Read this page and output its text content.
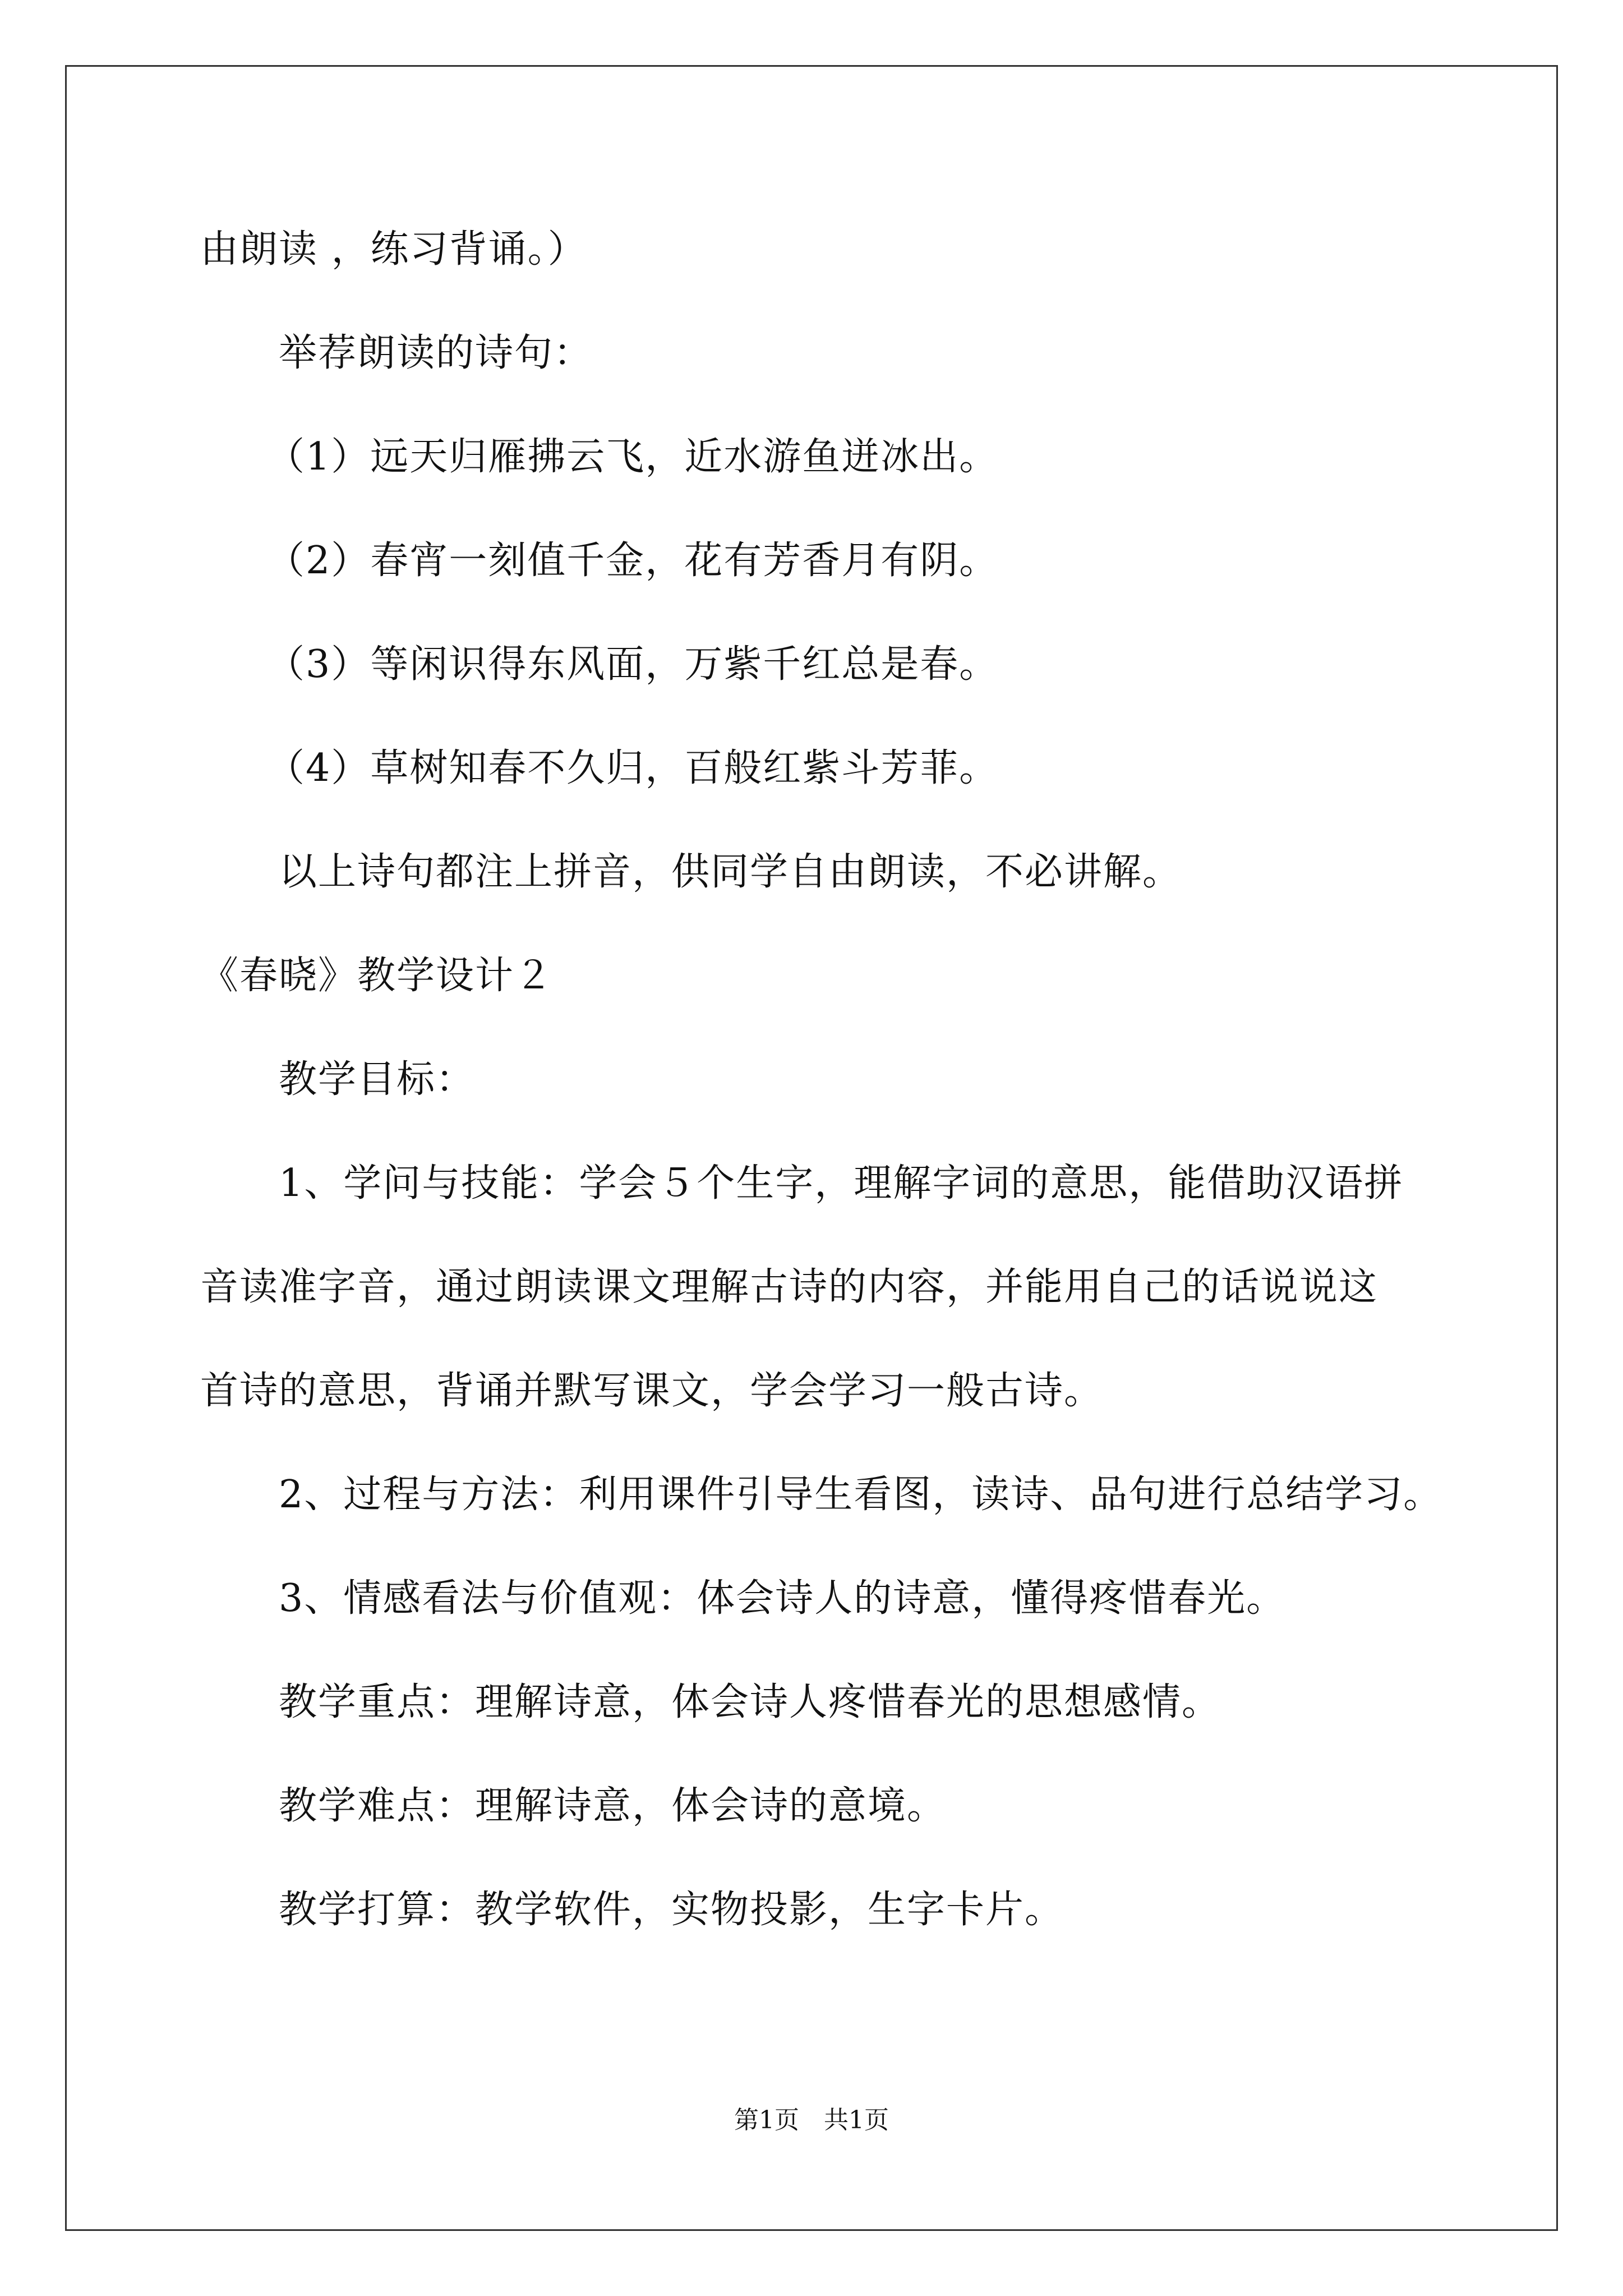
由朗读 ，练习背诵。）
举荐朗读的诗句：
（1）远天归雁拂云飞，近水游鱼迸冰出。
（2）春宵一刻值千金，花有芳香月有阴。
（3）等闲识得东风面，万紫千红总是春。
（4）草树知春不久归，百般红紫斗芳菲。
以上诗句都注上拼音，供同学自由朗读，不必讲解。
《春晓》教学设计２
教学目标：
1、学问与技能：学会５个生字，理解字词的意思，能借助汉语拼
音读准字音，通过朗读课文理解古诗的内容，并能用自己的话说说这
首诗的意思，背诵并默写课文，学会学习一般古诗。
2、过程与方法：利用课件引导生看图，读诗、品句进行总结学习。
3、情感看法与价值观：体会诗人的诗意，懂得疼惜春光。
教学重点：理解诗意，体会诗人疼惜春光的思想感情。
教学难点：理解诗意，体会诗的意境。
教学打算：教学软件，实物投影，生字卡片。
第1页　共1页
